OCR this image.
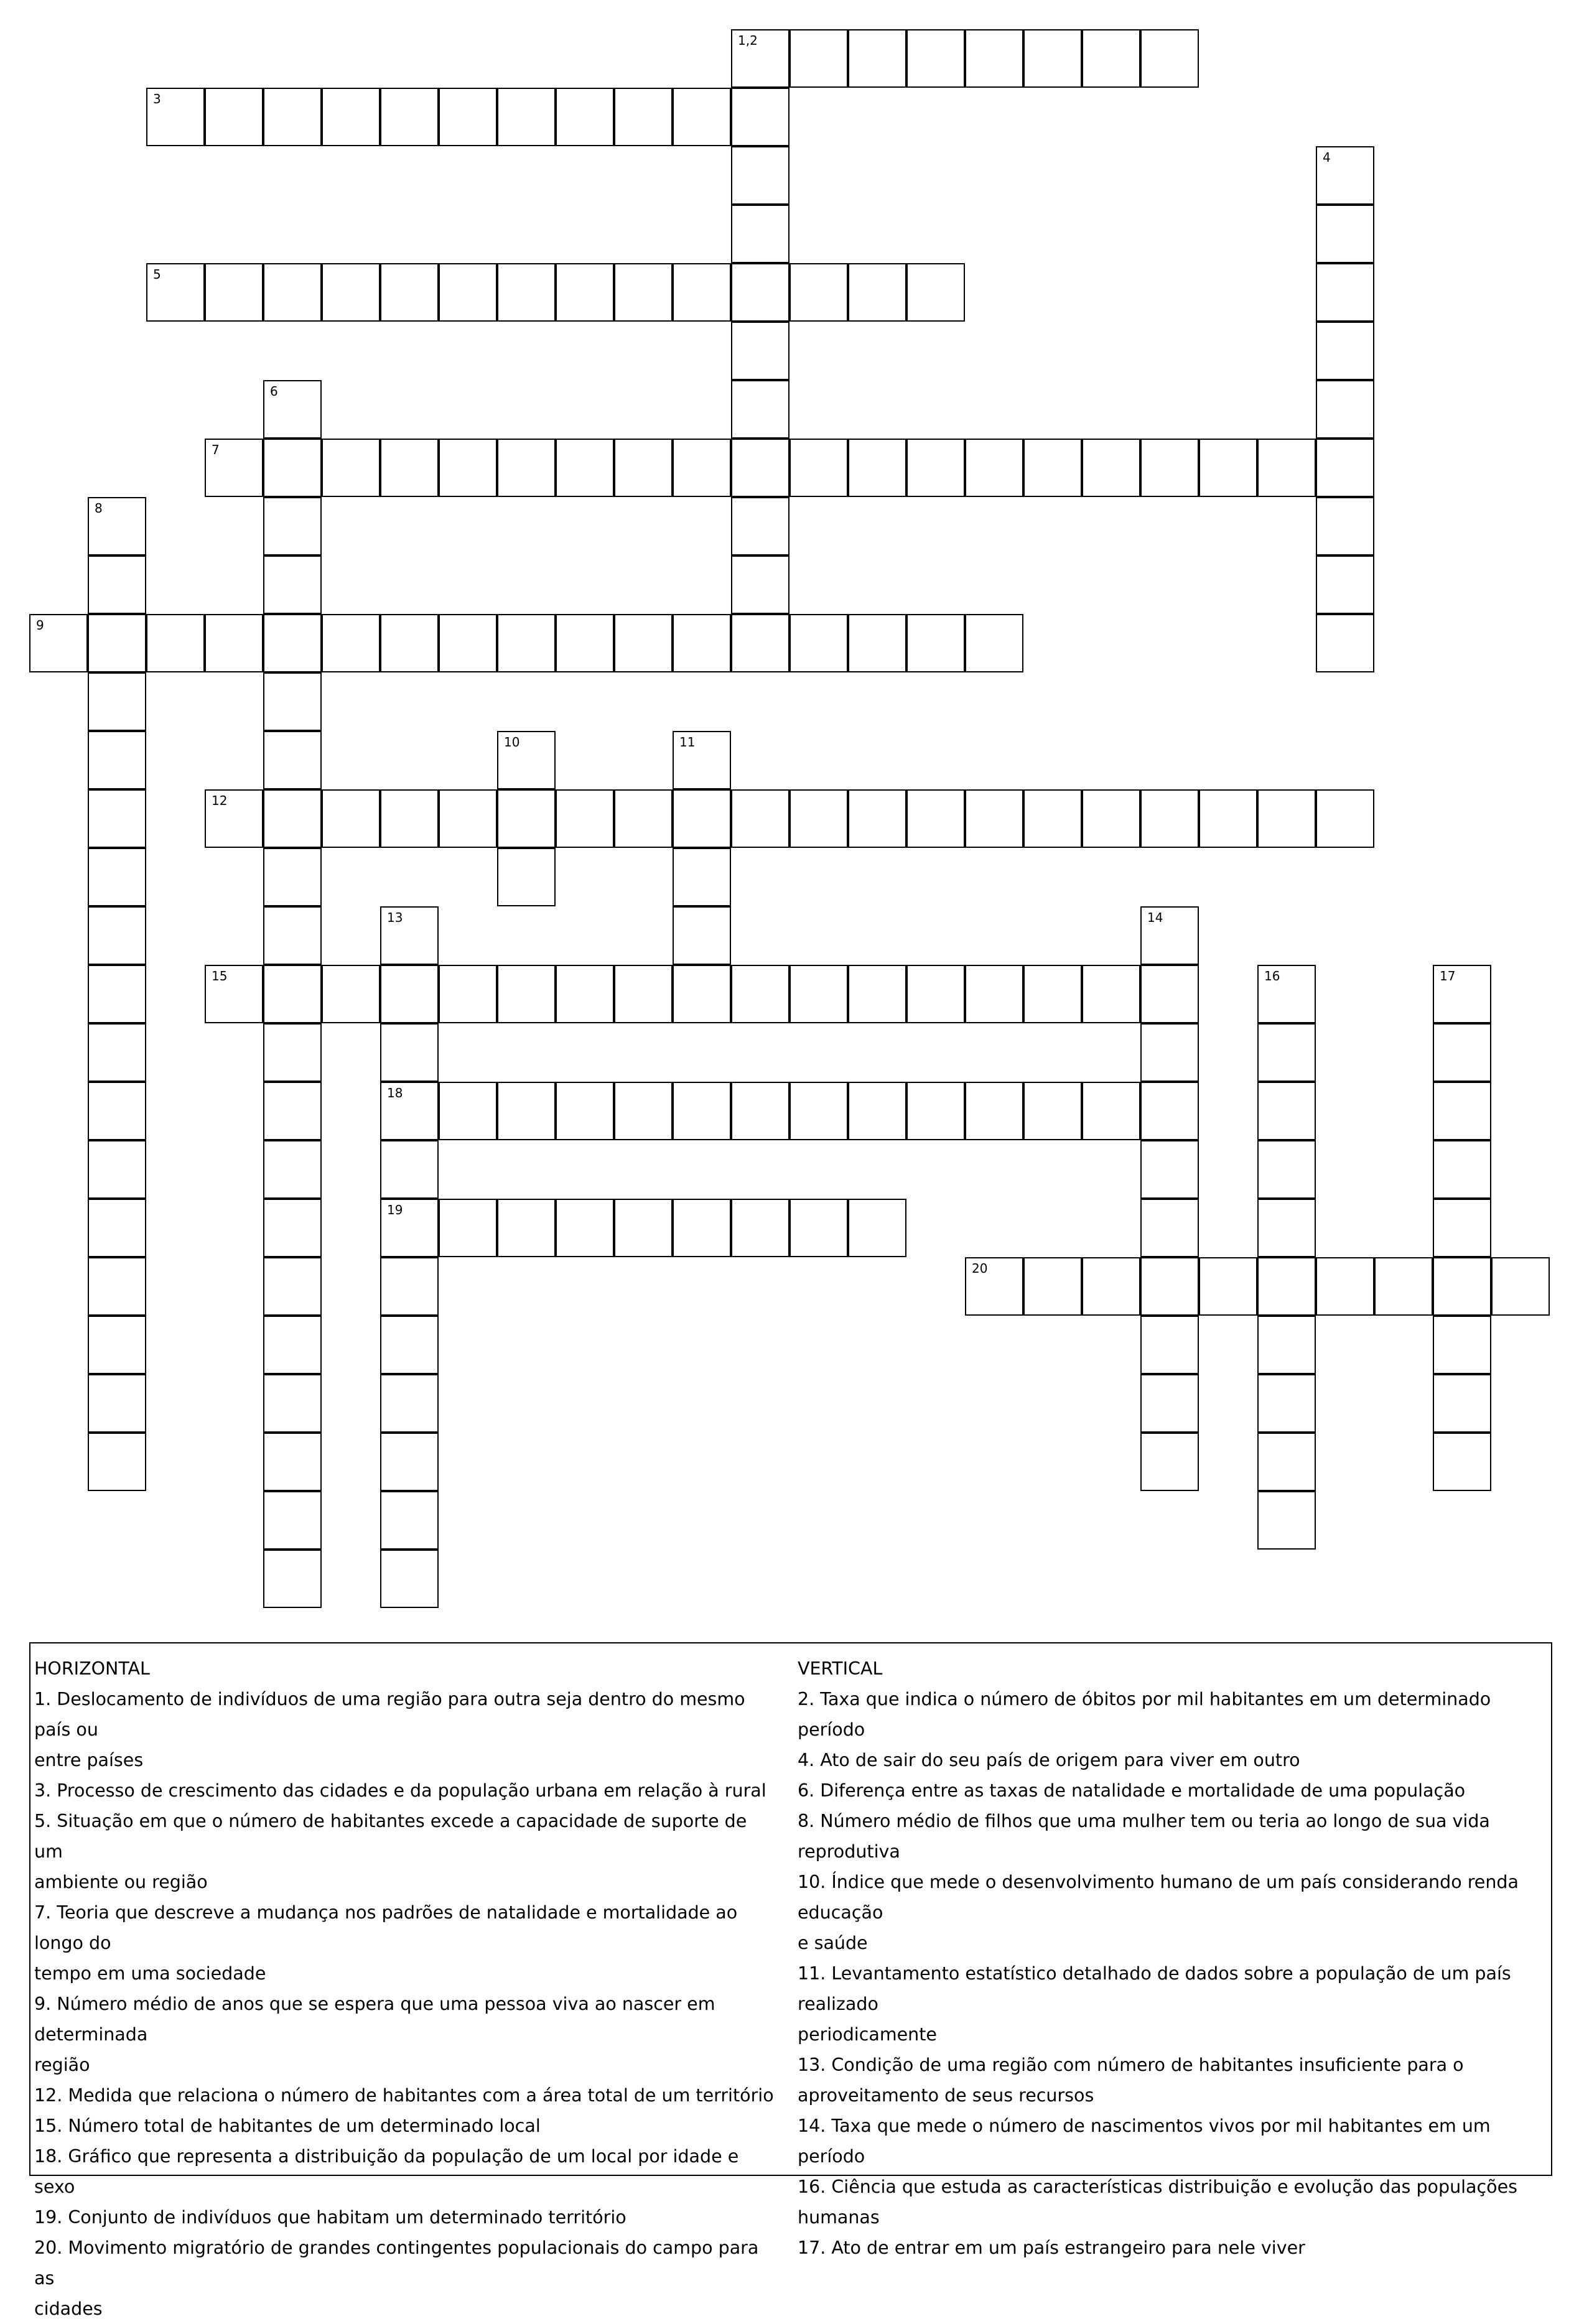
1,2
3
5
7
9
12
15
18
19
20
4
6
8
10	11
13	14
16	17

HORIZONTAL

1. Deslocamento de indivíduos de uma região para outra seja dentro do mesmo país ou

entre países

3. Processo de crescimento das cidades e da população urbana em relação à rural

5. Situação em que o número de habitantes excede a capacidade de suporte de um

ambiente ou região

7. Teoria que descreve a mudança nos padrões de natalidade e mortalidade ao longo do

tempo em uma sociedade

9. Número médio de anos que se espera que uma pessoa viva ao nascer em determinada

região

12. Medida que relaciona o número de habitantes com a área total de um território

15. Número total de habitantes de um determinado local

18. Gráfico que representa a distribuição da população de um local por idade e sexo

19. Conjunto de indivíduos que habitam um determinado território

20. Movimento migratório de grandes contingentes populacionais do campo para as

cidades

VERTICAL

2. Taxa que indica o número de óbitos por mil habitantes em um determinado período

4. Ato de sair do seu país de origem para viver em outro

6. Diferença entre as taxas de natalidade e mortalidade de uma população

8. Número médio de filhos que uma mulher tem ou teria ao longo de sua vida reprodutiva

10. Índice que mede o desenvolvimento humano de um país considerando renda educação

e saúde

11. Levantamento estatístico detalhado de dados sobre a população de um país realizado

periodicamente

13. Condição de uma região com número de habitantes insuficiente para o

aproveitamento de seus recursos

14. Taxa que mede o número de nascimentos vivos por mil habitantes em um período

16. Ciência que estuda as características distribuição e evolução das populações

humanas

17. Ato de entrar em um país estrangeiro para nele viver
